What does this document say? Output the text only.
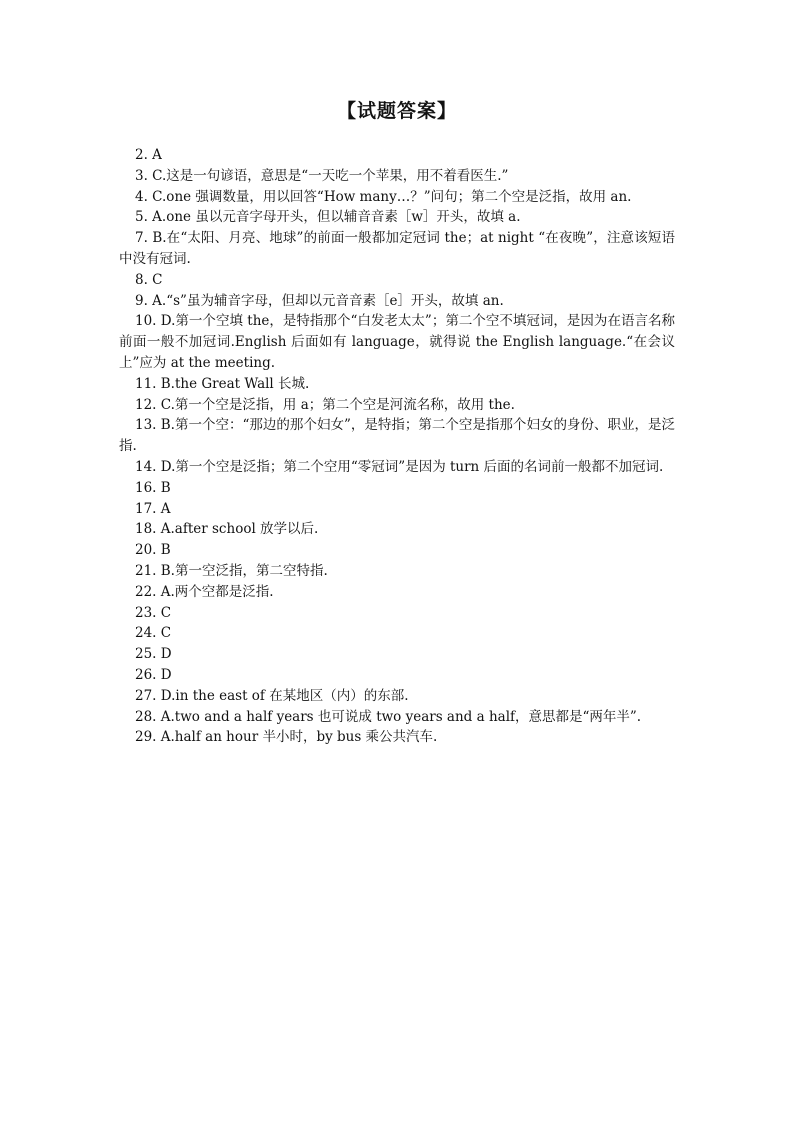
【试题答案】

2. A

3. C.这是一句谚语，意思是“一天吃一个苹果，用不着看医生.”

4. C.one 强调数量，用以回答“How many…？”问句；第二个空是泛指，故用 an.

5. A.one 虽以元音字母开头，但以辅音音素［w］开头，故填 a.

7. B.在“太阳、月亮、地球”的前面一般都加定冠词 the；at night “在夜晚”，注意该短语中没有冠词.

8. C

9. A.“s”虽为辅音字母，但却以元音音素［e］开头，故填 an.

10. D.第一个空填 the，是特指那个“白发老太太”；第二个空不填冠词，是因为在语言名称前面一般不加冠词.English 后面如有 language，就得说 the English language.“在会议上”应为 at the meeting.

11. B.the Great Wall 长城.

12. C.第一个空是泛指，用 a；第二个空是河流名称，故用 the.

13. B.第一个空：“那边的那个妇女”，是特指；第二个空是指那个妇女的身份、职业，是泛指.

14. D.第一个空是泛指；第二个空用“零冠词”是因为 turn 后面的名词前一般都不加冠词.

16. B

17. A

18. A.after school 放学以后.

20. B

21. B.第一空泛指，第二空特指.

22. A.两个空都是泛指.

23. C

24. C

25. D

26. D

27. D.in the east of 在某地区（内）的东部.

28. A.two and a half years 也可说成 two years and a half，意思都是“两年半”.

29. A.half an hour 半小时，by bus 乘公共汽车.
